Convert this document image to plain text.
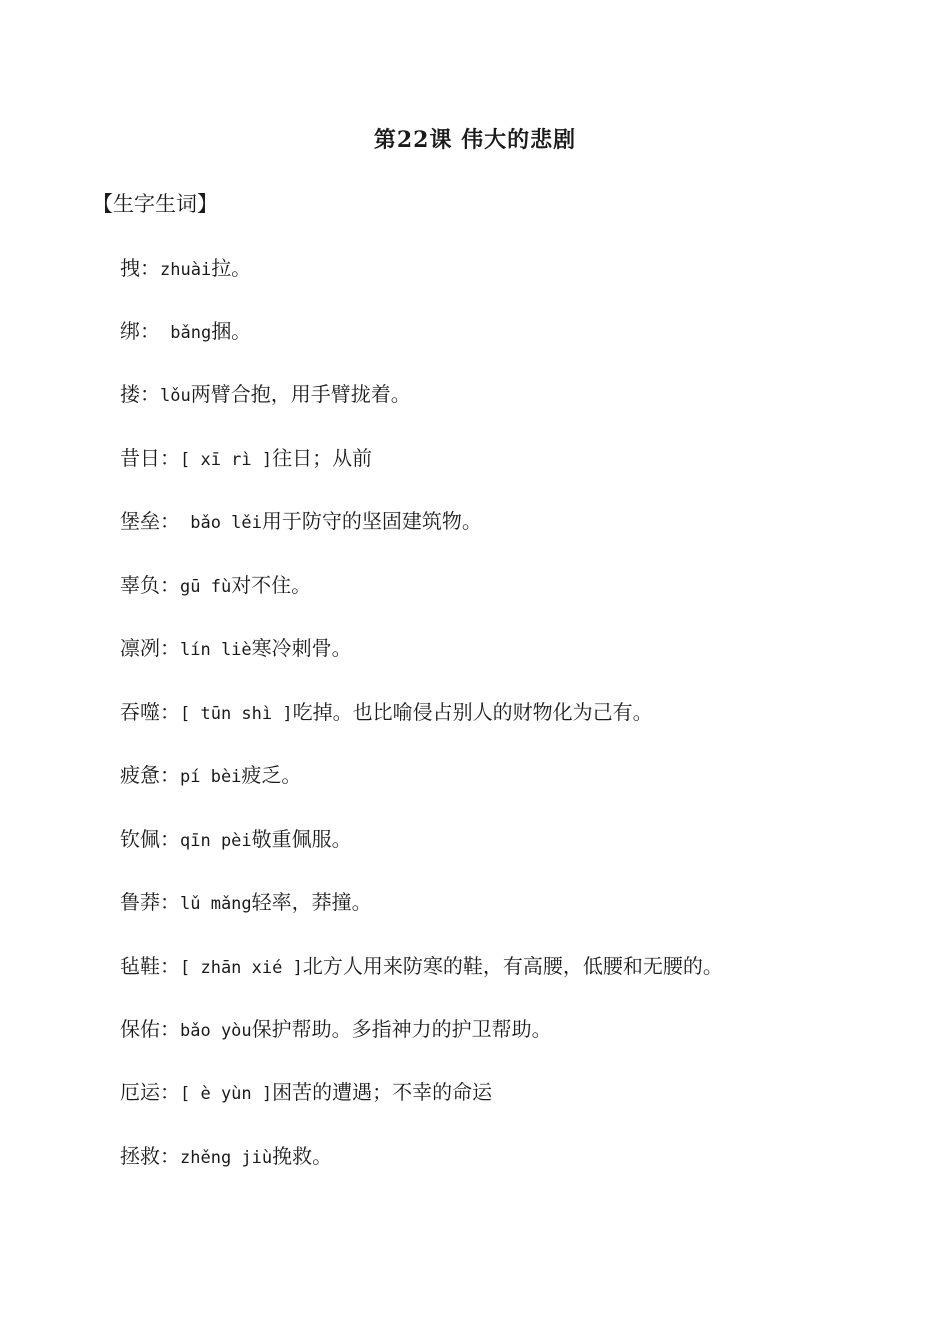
第22课 伟大的悲剧
【生字生词】
拽：zhuài拉。
绑： bǎng捆。
搂：lǒu两臂合抱，用手臂拢着。
昔日：[ xī rì ]往日；从前
堡垒： bǎo lěi用于防守的坚固建筑物。
辜负：gū fù对不住。
凛冽：lín liè寒冷刺骨。
吞噬：[ tūn shì ]吃掉。也比喻侵占别人的财物化为己有。
疲惫：pí bèi疲乏。
钦佩：qīn pèi敬重佩服。
鲁莽：lǔ mǎng轻率，莽撞。
毡鞋：[ zhān xié ]北方人用来防寒的鞋，有高腰，低腰和无腰的。
保佑：bǎo yòu保护帮助。多指神力的护卫帮助。
厄运：[ è yùn ]困苦的遭遇；不幸的命运
拯救：zhěng jiù挽救。
